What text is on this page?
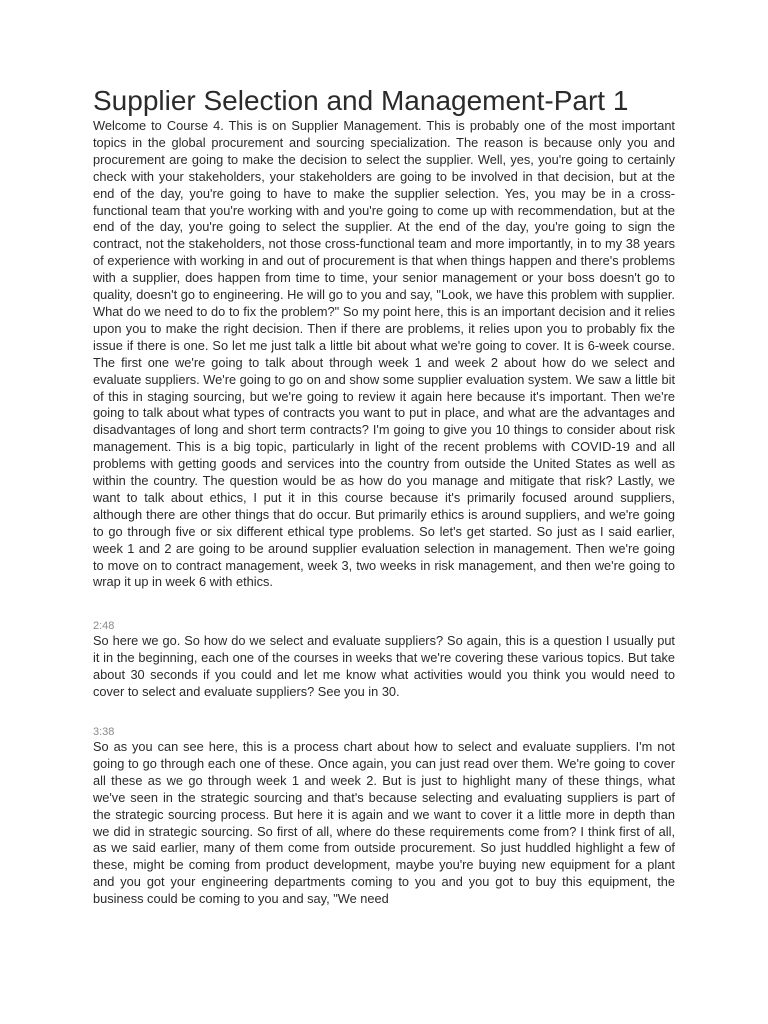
Supplier Selection and Management-Part 1

Welcome to Course 4. This is on Supplier Management. This is probably one of the most important topics in the global procurement and sourcing specialization. The reason is because only you and procurement are going to make the decision to select the supplier. Well, yes, you're going to certainly check with your stakeholders, your stakeholders are going to be involved in that decision, but at the end of the day, you're going to have to make the supplier selection. Yes, you may be in a cross-functional team that you're working with and you're going to come up with recommendation, but at the end of the day, you're going to select the supplier. At the end of the day, you're going to sign the contract, not the stakeholders, not those cross-functional team and more importantly, in to my 38 years of experience with working in and out of procurement is that when things happen and there's problems with a supplier, does happen from time to time, your senior management or your boss doesn't go to quality, doesn't go to engineering. He will go to you and say, "Look, we have this problem with supplier. What do we need to do to fix the problem?" So my point here, this is an important decision and it relies upon you to make the right decision. Then if there are problems, it relies upon you to probably fix the issue if there is one. So let me just talk a little bit about what we're going to cover. It is 6-week course. The first one we're going to talk about through week 1 and week 2 about how do we select and evaluate suppliers. We're going to go on and show some supplier evaluation system. We saw a little bit of this in staging sourcing, but we're going to review it again here because it's important. Then we're going to talk about what types of contracts you want to put in place, and what are the advantages and disadvantages of long and short term contracts? I'm going to give you 10 things to consider about risk management. This is a big topic, particularly in light of the recent problems with COVID-19 and all problems with getting goods and services into the country from outside the United States as well as within the country. The question would be as how do you manage and mitigate that risk? Lastly, we want to talk about ethics, I put it in this course because it's primarily focused around suppliers, although there are other things that do occur. But primarily ethics is around suppliers, and we're going to go through five or six different ethical type problems. So let's get started. So just as I said earlier, week 1 and 2 are going to be around supplier evaluation selection in management. Then we're going to move on to contract management, week 3, two weeks in risk management, and then we're going to wrap it up in week 6 with ethics.

2:48

So here we go. So how do we select and evaluate suppliers? So again, this is a question I usually put it in the beginning, each one of the courses in weeks that we're covering these various topics. But take about 30 seconds if you could and let me know what activities would you think you would need to cover to select and evaluate suppliers? See you in 30.

3:38

So as you can see here, this is a process chart about how to select and evaluate suppliers. I'm not going to go through each one of these. Once again, you can just read over them. We're going to cover all these as we go through week 1 and week 2. But is just to highlight many of these things, what we've seen in the strategic sourcing and that's because selecting and evaluating suppliers is part of the strategic sourcing process. But here it is again and we want to cover it a little more in depth than we did in strategic sourcing. So first of all, where do these requirements come from? I think first of all, as we said earlier, many of them come from outside procurement. So just huddled highlight a few of these, might be coming from product development, maybe you're buying new equipment for a plant and you got your engineering departments coming to you and you got to buy this equipment, the business could be coming to you and say, "We need
